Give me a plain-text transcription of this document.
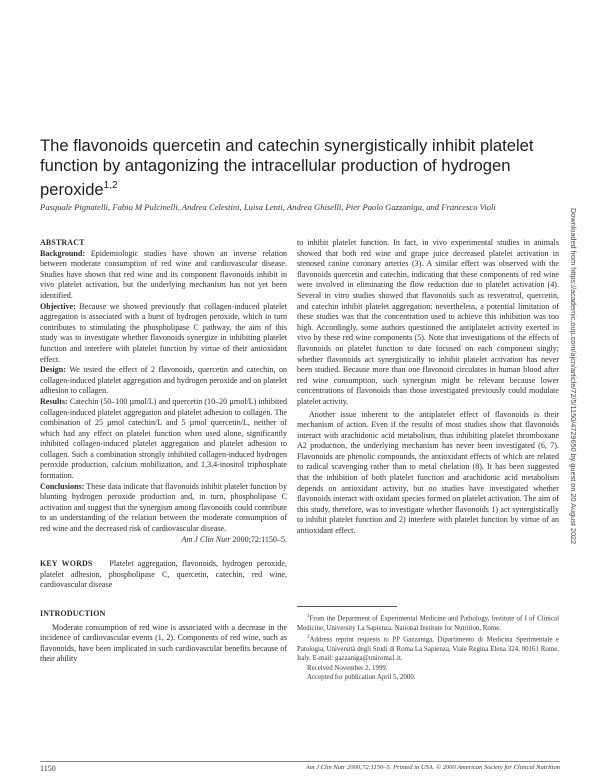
The flavonoids quercetin and catechin synergistically inhibit platelet function by antagonizing the intracellular production of hydrogen peroxide$^{1,2}$
Pasquale Pignatelli, Fabio M Pulcinelli, Andrea Celestini, Luisa Lenti, Andrea Ghiselli, Pier Paolo Gazzaniga, and Francesco Violi

ABSTRACT

Background: Epidemiologic studies have shown an inverse relation between moderate consumption of red wine and cardiovascular disease. Studies have shown that red wine and its component flavonoids inhibit in vivo platelet activation, but the underlying mechanism has not yet been identified.

Objective: Because we showed previously that collagen-induced platelet aggregation is associated with a burst of hydrogen peroxide, which in turn contributes to stimulating the phospholipase C pathway, the aim of this study was to investigate whether flavonoids synergize in inhibiting platelet function and interfere with platelet function by virtue of their antioxidant effect.

Design: We tested the effect of 2 flavonoids, quercetin and catechin, on collagen-induced platelet aggregation and hydrogen peroxide and on platelet adhesion to collagen.

Results: Catechin (50–100 µmol/L) and quercetin (10–20 µmol/L) inhibited collagen-induced platelet aggregation and platelet adhesion to collagen. The combination of 25 µmol catechin/L and 5 µmol quercetin/L, neither of which had any effect on platelet function when used alone, significantly inhibited collagen-induced platelet aggregation and platelet adhesion to collagen. Such a combination strongly inhibited collagen-induced hydrogen peroxide production, calcium mobilization, and 1,3,4-inositol triphosphate formation.

Conclusions: These data indicate that flavonoids inhibit platelet function by blunting hydrogen peroxide production and, in turn, phospholipase C activation and suggest that the synergism among flavonoids could contribute to an understanding of the relation between the moderate consumption of red wine and the decreased risk of cardiovascular disease.

Am J Clin Nutr 2000;72:1150–5.

KEY WORDS Platelet aggregation, flavonoids, hydrogen peroxide, platelet adhesion, phospholipase C, quercetin, catechin, red wine, cardiovascular disease

INTRODUCTION

Moderate consumption of red wine is associated with a decrease in the incidence of cardiovascular events (1, 2). Components of red wine, such as flavonoids, have been implicated in such cardiovascular benefits because of their ability

to inhibit platelet function. In fact, in vivo experimental studies in animals showed that both red wine and grape juice decreased platelet activation in stenosed canine coronary arteries (3). A similar effect was observed with the flavonoids quercetin and catechin, indicating that these components of red wine were involved in eliminating the flow reduction due to platelet activation (4). Several in vitro studies showed that flavonoids such as resveratrol, quercetin, and catechin inhibit platelet aggregation; nevertheless, a potential limitation of these studies was that the concentration used to achieve this inhibition was too high. Accordingly, some authors questioned the antiplatelet activity exerted in vivo by these red wine components (5). Note that investigations of the effects of flavonoids on platelet function to date focused on each component singly; whether flavonoids act synergistically to inhibit platelet activation has never been studied. Because more than one flavonoid circulates in human blood after red wine consumption, such synergism might be relevant because lower concentrations of flavonoids than those investigated previously could modulate platelet activity.

Another issue inherent to the antiplatelet effect of flavonoids is their mechanism of action. Even if the results of most studies show that flavonoids interact with arachidonic acid metabolism, thus inhibiting platelet thromboxane A2 production, the underlying mechanism has never been investigated (6, 7). Flavonoids are phenolic compounds, the antioxidant effects of which are related to radical scavenging rather than to metal chelation (8). It has been suggested that the inhibition of both platelet function and arachidonic acid metabolism depends on antioxidant activity, but no studies have investigated whether flavonoids interact with oxidant species formed on platelet activation. The aim of this study, therefore, was to investigate whether flavonoids 1) act synergistically to inhibit platelet function and 2) interfere with platelet function by virtue of an antioxidant effect.

$^1$From the Department of Experimental Medicine and Pathology, Institute of I of Clinical Medicine, University La Sapienza, National Institute for Nutrition, Rome.

$^2$Address reprint requests to PP Gazzaniga, Dipartimento di Medicina Sperimentale e Patologia, Università degli Studi di Roma La Sapienza, Viale Regina Elena 324, 00161 Rome, Italy. E-mail: gazzaniga@uniroma1.it.

Received November 2, 1999.

Accepted for publication April 5, 2000.

1150	Am J Clin Nutr 2000;72:1150–5. Printed in USA. © 2000 American Society for Clinical Nutrition
Downloaded from https://academic.oup.com/ajcn/article/72/5/1150/4729650 by guest on 20 August 2022
